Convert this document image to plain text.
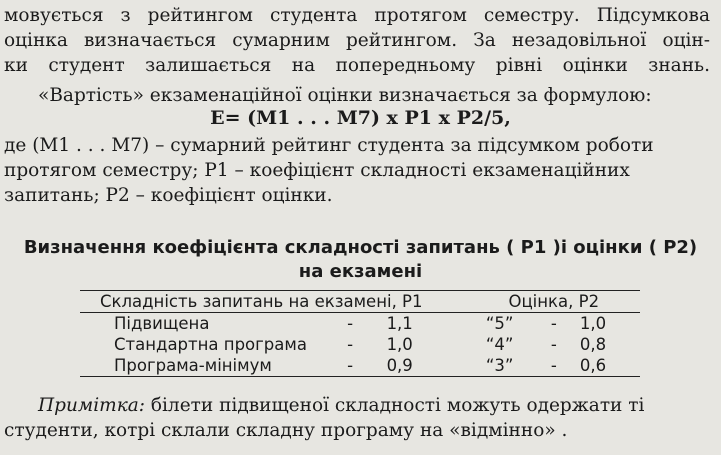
мовується з рейтингом студента протягом семестру. Підсумкова
оцінка визначається сумарним рейтингом. За незадовільної оцін-
ки студент залишається на попередньому рівні оцінки знань.
«Вартість» екзаменаційної оцінки визначається за формулою:
E= (M1 . . . M7) x P1 x P2/5,
де (M1 . . . M7) – сумарний рейтинг студента за підсумком роботи
протягом семестру; P1 – коефіцієнт складності екзаменаційних
запитань; P2 – коефіцієнт оцінки.
Визначення коефіцієнта складності запитань ( P1 )і оцінки ( P2)
на екзамені
Складність запитань на екзамені, P1			Оцінка, P2		
Підвищена	-	1,1	“5”	-	1,0
Стандартна програма	-	1,0	“4”	-	0,8
Програма-мінімум	-	0,9	“3”	-	0,6
Примітка: білети підвищеної складності можуть одержати ті
студенти, котрі склали складну програму на «відмінно» .
